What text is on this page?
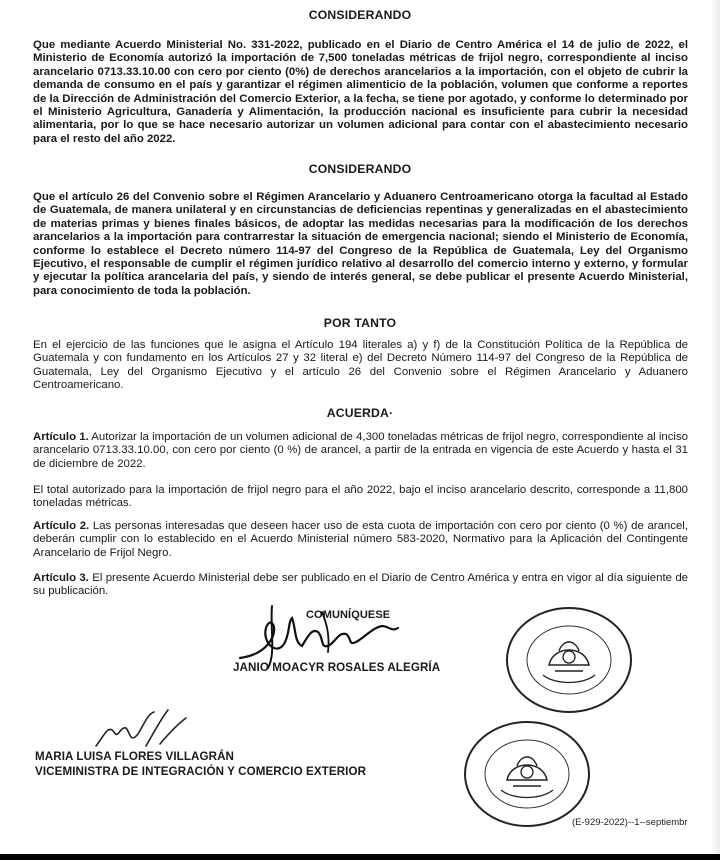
CONSIDERANDO
Que mediante Acuerdo Ministerial No. 331-2022, publicado en el Diario de Centro América el 14 de julio de 2022, el Ministerio de Economía autorizó la importación de 7,500 toneladas métricas de frijol negro, correspondiente al inciso arancelario 0713.33.10.00 con cero por ciento (0%) de derechos arancelarios a la importación, con el objeto de cubrir la demanda de consumo en el país y garantizar el régimen alimenticio de la población, volumen que conforme a reportes de la Dirección de Administración del Comercio Exterior, a la fecha, se tiene por agotado, y conforme lo determinado por el Ministerio Agricultura, Ganadería y Alimentación, la producción nacional es insuficiente para cubrir la necesidad alimentaria, por lo que se hace necesario autorizar un volumen adicional para contar con el abastecimiento necesario para el resto del año 2022.
CONSIDERANDO
Que el artículo 26 del Convenio sobre el Régimen Arancelario y Aduanero Centroamericano otorga la facultad al Estado de Guatemala, de manera unilateral y en circunstancias de deficiencias repentinas y generalizadas en el abastecimiento de materias primas y bienes finales básicos, de adoptar las medidas necesarias para la modificación de los derechos arancelarios a la importación para contrarrestar la situación de emergencia nacional; siendo el Ministerio de Economía, conforme lo establece el Decreto número 114-97 del Congreso de la República de Guatemala, Ley del Organismo Ejecutivo, el responsable de cumplir el régimen jurídico relativo al desarrollo del comercio interno y externo, y formular y ejecutar la política arancelaria del país, y siendo de interés general, se debe publicar el presente Acuerdo Ministerial, para conocimiento de toda la población.
POR TANTO
En el ejercicio de las funciones que le asigna el Artículo 194 literales a) y f) de la Constitución Política de la República de Guatemala y con fundamento en los Artículos 27 y 32 literal e) del Decreto Número 114-97 del Congreso de la República de Guatemala, Ley del Organismo Ejecutivo y el artículo 26 del Convenio sobre el Régimen Arancelario y Aduanero Centroamericano.
ACUERDA·
Artículo 1. Autorizar la importación de un volumen adicional de 4,300 toneladas métricas de frijol negro, correspondiente al inciso arancelario 0713.33.10.00, con cero por ciento (0 %) de arancel, a partir de la entrada en vigencia de este Acuerdo y hasta el 31 de diciembre de 2022.
El total autorizado para la importación de frijol negro para el año 2022, bajo el inciso arancelario descrito, corresponde a 11,800 toneladas métricas.
Artículo 2. Las personas interesadas que deseen hacer uso de esta cuota de importación con cero por ciento (0 %) de arancel, deberán cumplir con lo establecido en el Acuerdo Ministerial número 583-2020, Normativo para la Aplicación del Contingente Arancelario de Frijol Negro.
Artículo 3. El presente Acuerdo Ministerial debe ser publicado en el Diario de Centro América y entra en vigor al día siguiente de su publicación.
COMUNÍQUESE
JANIO MOACYR ROSALES ALEGRÍA
MARIA LUISA FLORES VILLAGRÁN
VICEMINISTRA DE INTEGRACIÓN Y COMERCIO EXTERIOR
(E-929-2022)--1--septiembr
